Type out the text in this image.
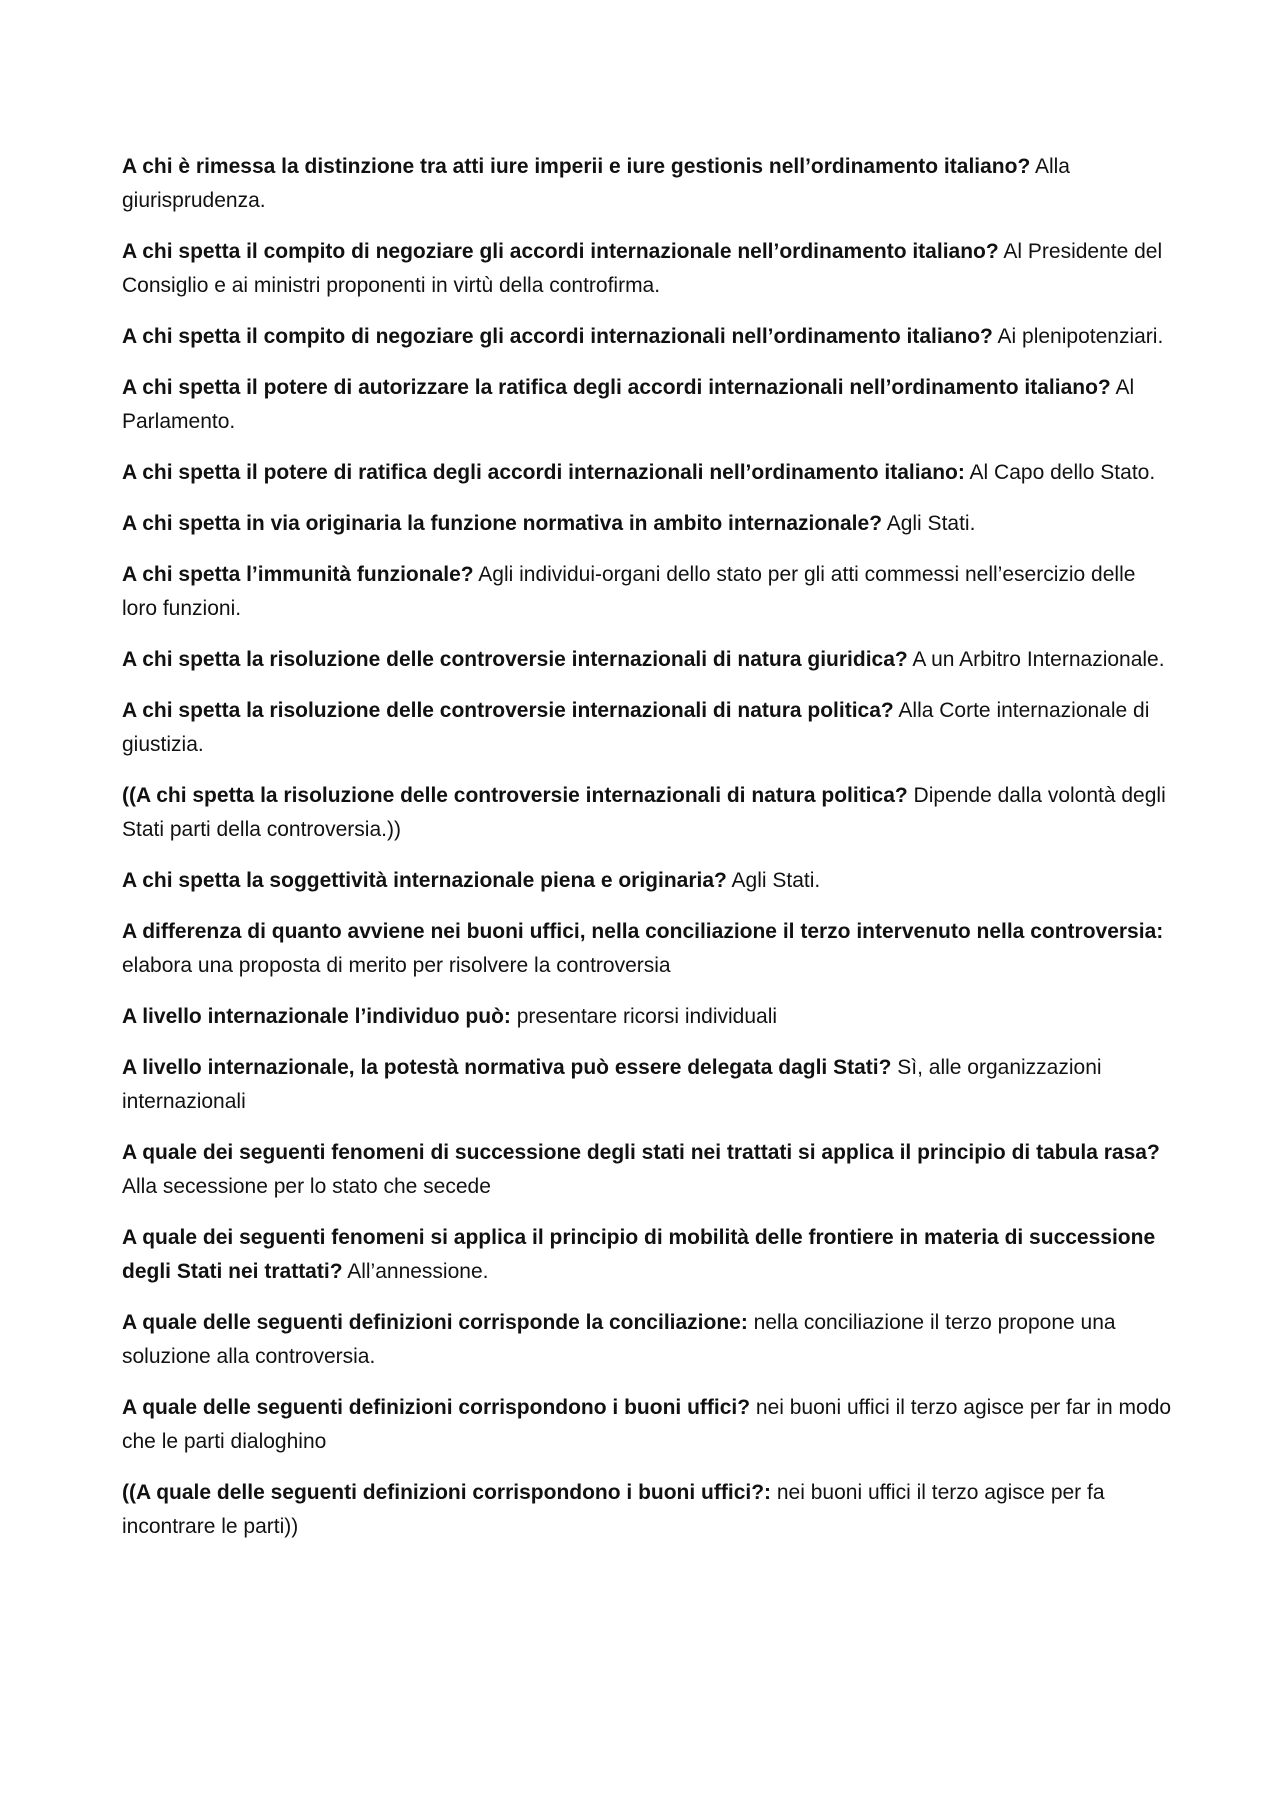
A chi è rimessa la distinzione tra atti iure imperii e iure gestionis nell’ordinamento italiano? Alla giurisprudenza.

A chi spetta il compito di negoziare gli accordi internazionale nell’ordinamento italiano? Al Presidente del Consiglio e ai ministri proponenti in virtù della controfirma.

A chi spetta il compito di negoziare gli accordi internazionali nell’ordinamento italiano? Ai plenipotenziari.

A chi spetta il potere di autorizzare la ratifica degli accordi internazionali nell’ordinamento italiano? Al Parlamento.

A chi spetta il potere di ratifica degli accordi internazionali nell’ordinamento italiano: Al Capo dello Stato.

A chi spetta in via originaria la funzione normativa in ambito internazionale? Agli Stati.

A chi spetta l’immunità funzionale? Agli individui-organi dello stato per gli atti commessi nell’esercizio delle loro funzioni.

A chi spetta la risoluzione delle controversie internazionali di natura giuridica? A un Arbitro Internazionale.

A chi spetta la risoluzione delle controversie internazionali di natura politica? Alla Corte internazionale di giustizia.

((A chi spetta la risoluzione delle controversie internazionali di natura politica? Dipende dalla volontà degli Stati parti della controversia.))

A chi spetta la soggettività internazionale piena e originaria? Agli Stati.

A differenza di quanto avviene nei buoni uffici, nella conciliazione il terzo intervenuto nella controversia: elabora una proposta di merito per risolvere la controversia

A livello internazionale l’individuo può: presentare ricorsi individuali

A livello internazionale, la potestà normativa può essere delegata dagli Stati? Sì, alle organizzazioni internazionali

A quale dei seguenti fenomeni di successione degli stati nei trattati si applica il principio di tabula rasa? Alla secessione per lo stato che secede

A quale dei seguenti fenomeni si applica il principio di mobilità delle frontiere in materia di successione degli Stati nei trattati? All’annessione.

A quale delle seguenti definizioni corrisponde la conciliazione: nella conciliazione il terzo propone una soluzione alla controversia.

A quale delle seguenti definizioni corrispondono i buoni uffici? nei buoni uffici il terzo agisce per far in modo che le parti dialoghino

((A quale delle seguenti definizioni corrispondono i buoni uffici?: nei buoni uffici il terzo agisce per fa incontrare le parti))
